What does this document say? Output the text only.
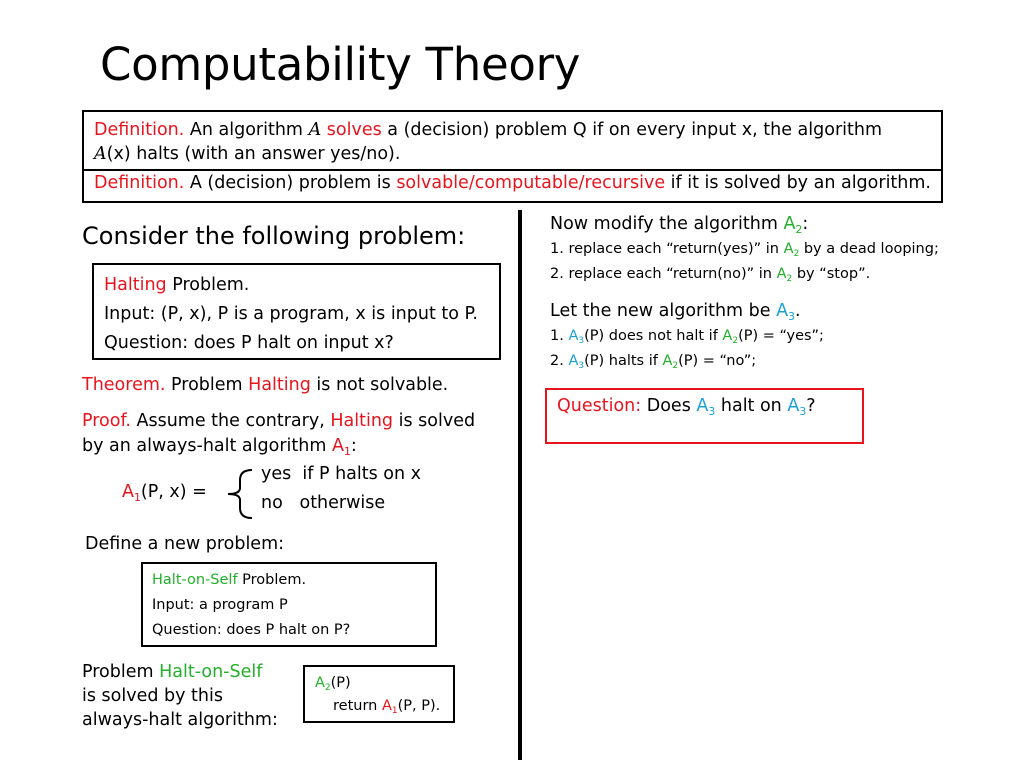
Computability Theory
Definition. An algorithm A solves a (decision) problem Q if on every input x, the algorithm
A(x) halts (with an answer yes/no).
Definition. A (decision) problem is solvable/computable/recursive if it is solved by an algorithm.
Consider the following problem:
Halting Problem.
Input: (P, x), P is a program, x is input to P.
Question: does P halt on input x?
Theorem. Problem Halting is not solvable.
Proof. Assume the contrary, Halting is solved
by an always-halt algorithm $A_1$:
$A_1(P$, x) =
yes  if P halts on x
no   otherwise
Define a new problem:
Halt-on-Self Problem.
Input: a program P
Question: does P halt on P?
Problem Halt-on-Self
is solved by this
always-halt algorithm:
$A_2(P)$
return $A_1(P$, P).
Now modify the algorithm $A_2$:
1. replace each “return(yes)” in $A_2$ by a dead looping;
2. replace each “return(no)” in $A_2$ by “stop”.
Let the new algorithm be $A_3$.
1. $A_3(P)$ does not halt if $A_2(P)$ = “yes”;
2. $A_3(P)$ halts if $A_2(P)$ = “no”;
Question: Does $A_3$ halt on $A_3$?
